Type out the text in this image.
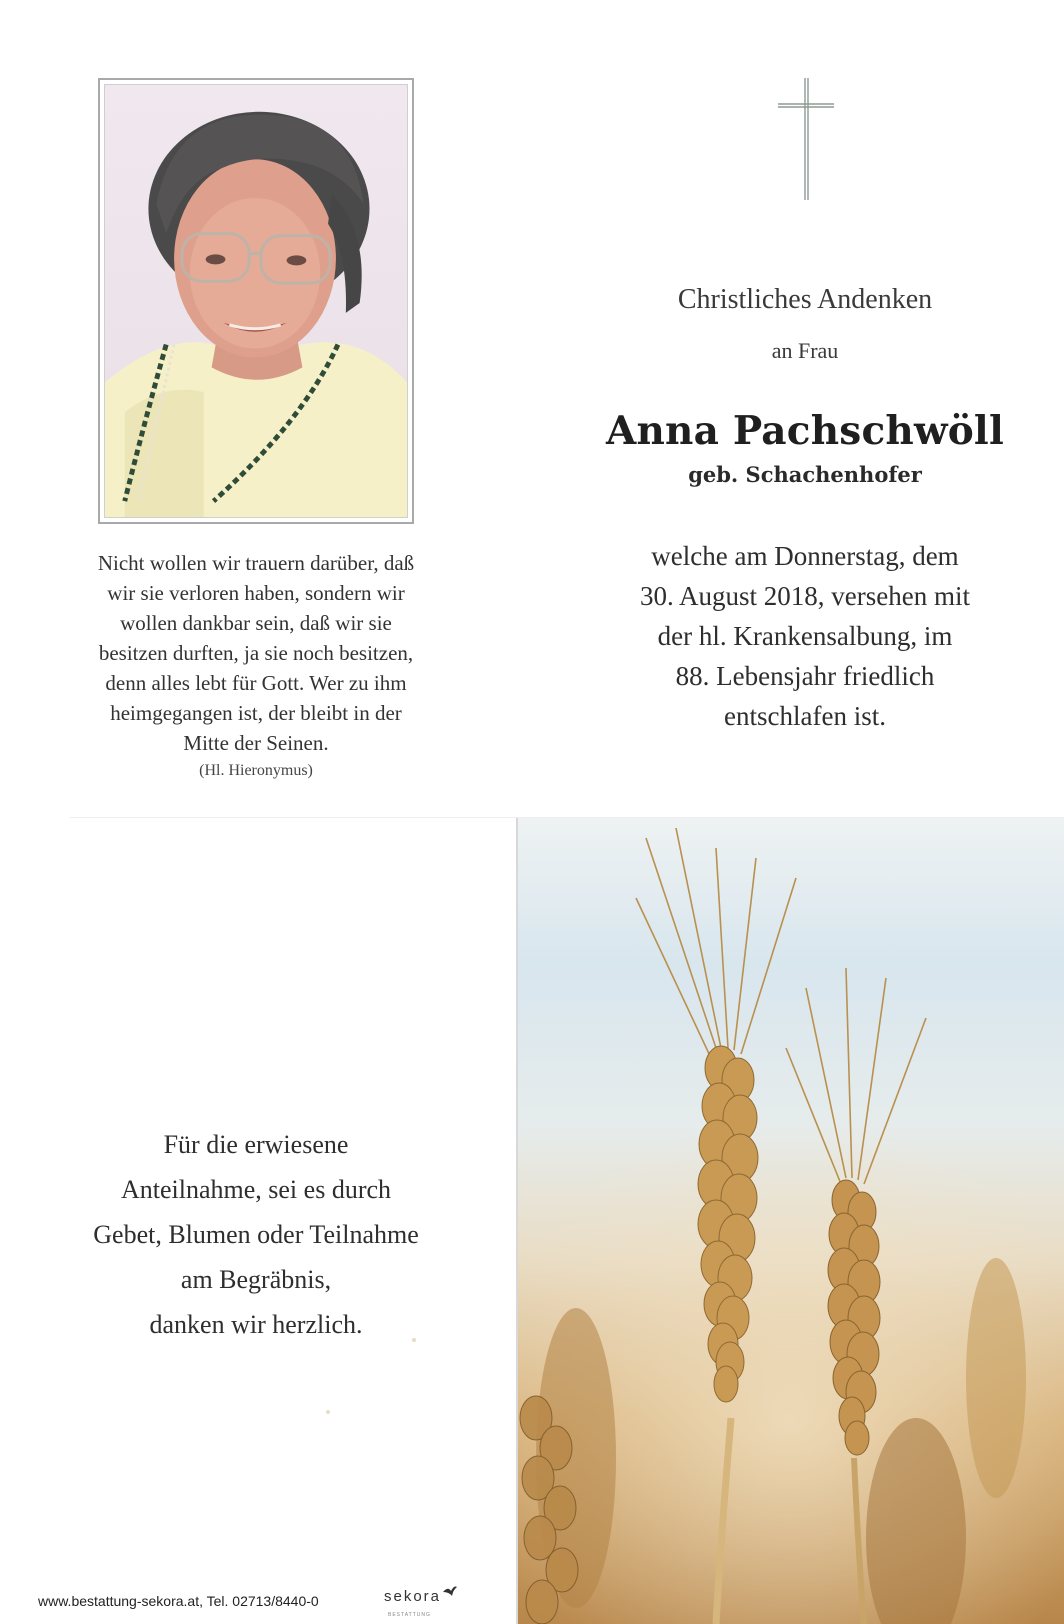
Nicht wollen wir trauern darüber, daß
wir sie verloren haben, sondern wir
wollen dankbar sein, daß wir sie
besitzen durften, ja sie noch besitzen,
denn alles lebt für Gott. Wer zu ihm
heimgegangen ist, der bleibt in der
Mitte der Seinen.
(Hl. Hieronymus)
Christliches Andenken
an Frau
Anna Pachschwöll
geb. Schachenhofer
welche am Donnerstag, dem
30. August 2018, versehen mit
der hl. Krankensalbung, im
88. Lebensjahr friedlich
entschlafen ist.
Für die erwiesene
Anteilnahme, sei es durch
Gebet, Blumen oder Teilnahme
am Begräbnis,
danken wir herzlich.
www.bestattung-sekora.at, Tel. 02713/8440-0	sekora
BESTATTUNG
